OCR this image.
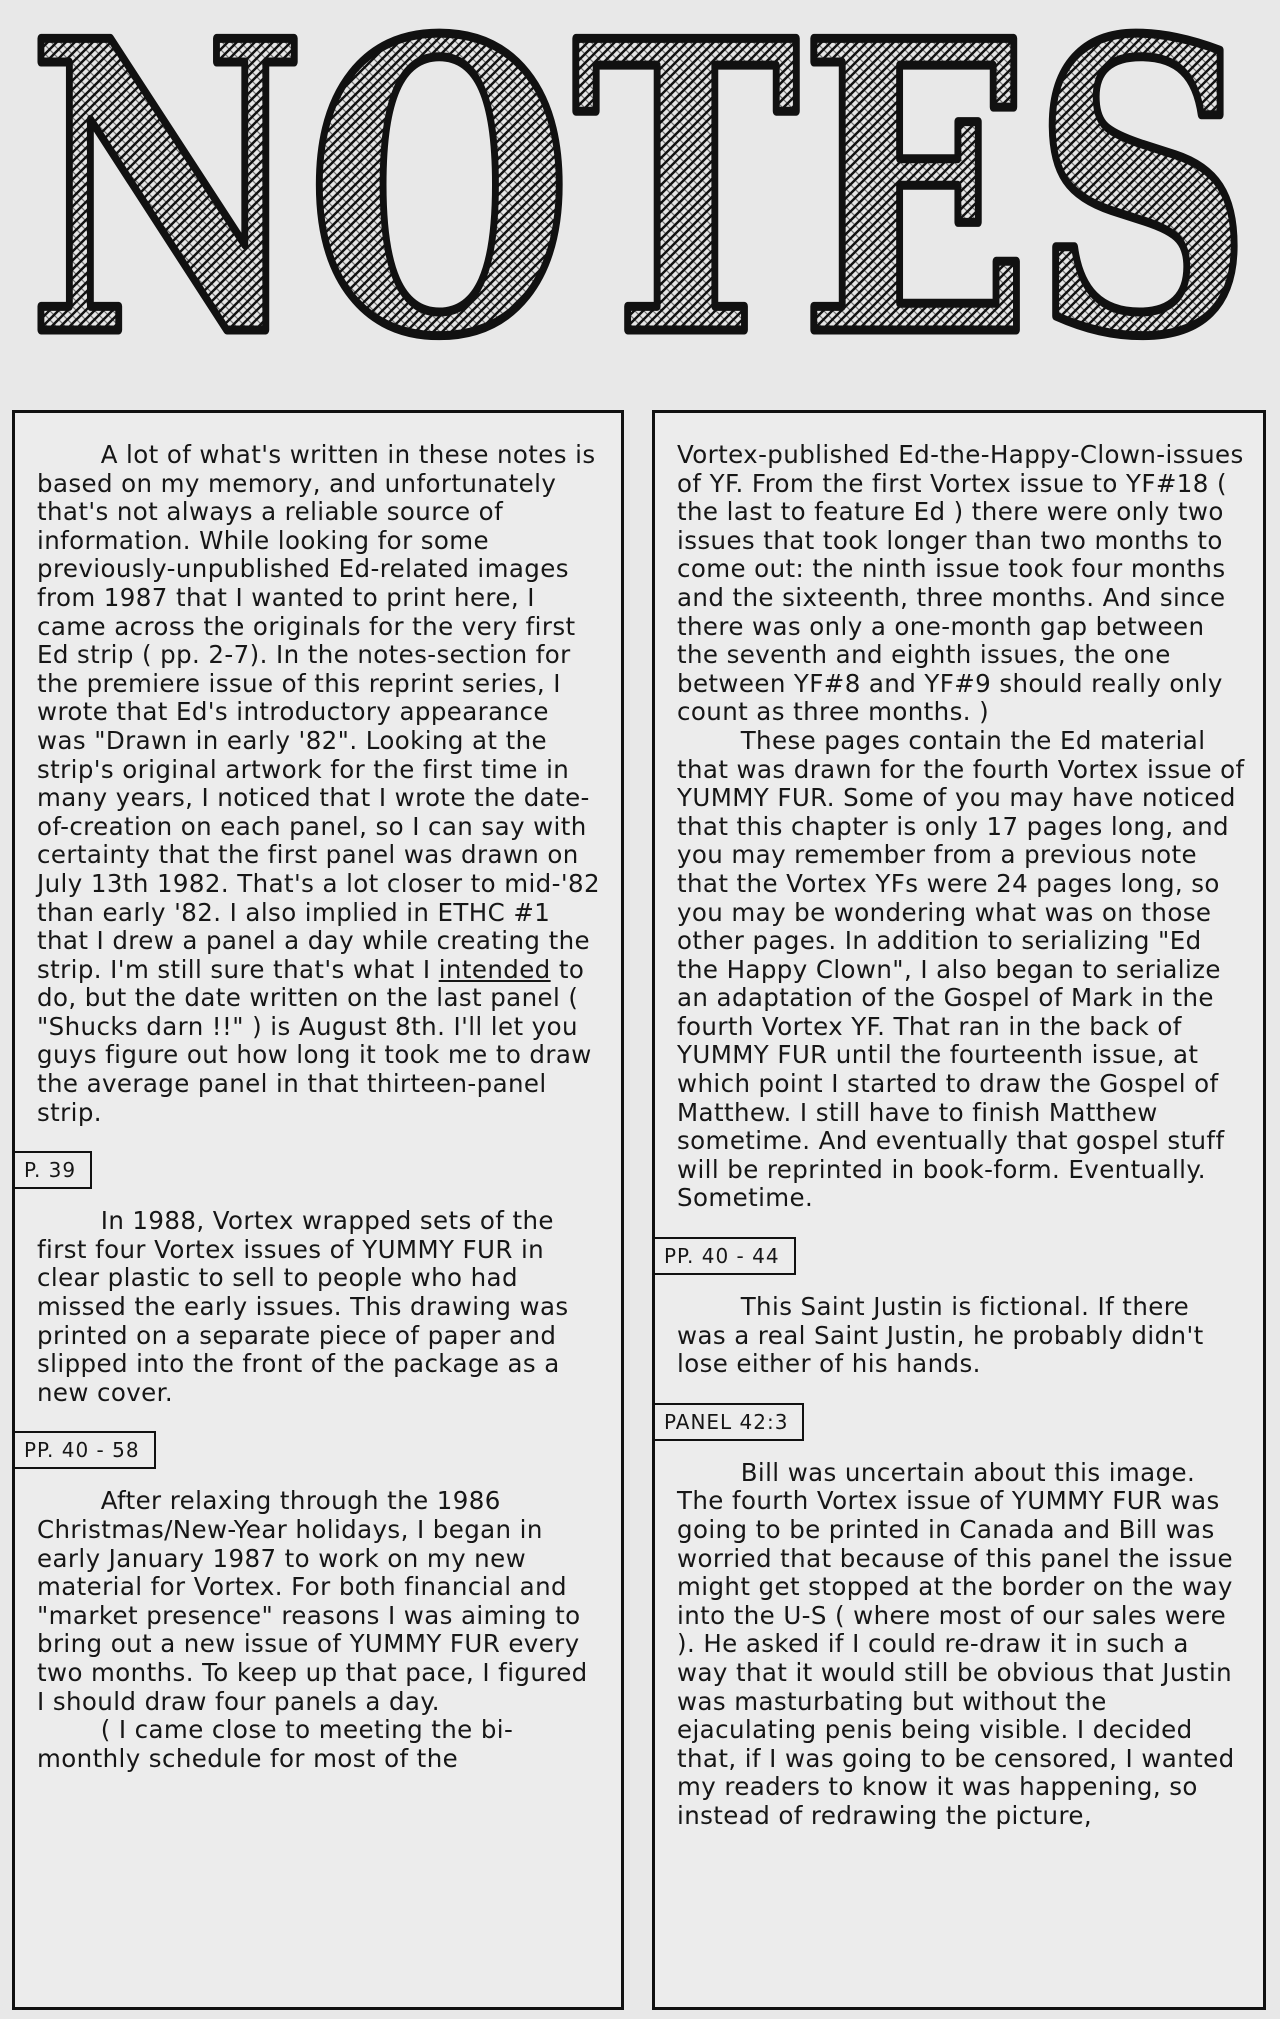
NOTES

A lot of what's written in these notes is based on my memory, and unfortunately that's not always a reliable source of information. While looking for some previously-unpublished Ed-related images from 1987 that I wanted to print here, I came across the originals for the very first Ed strip ( pp. 2-7). In the notes-section for the premiere issue of this reprint series, I wrote that Ed's introductory appearance was "Drawn in early '82". Looking at the strip's original artwork for the first time in many years, I noticed that I wrote the date-of-creation on each panel, so I can say with certainty that the first panel was drawn on July 13th 1982. That's a lot closer to mid-'82 than early '82. I also implied in ETHC #1 that I drew a panel a day while creating the strip. I'm still sure that's what I intended to do, but the date written on the last panel ( "Shucks darn !!" ) is August 8th. I'll let you guys figure out how long it took me to draw the average panel in that thirteen-panel strip.

P. 39

In 1988, Vortex wrapped sets of the first four Vortex issues of YUMMY FUR in clear plastic to sell to people who had missed the early issues. This drawing was printed on a separate piece of paper and slipped into the front of the package as a new cover.

PP. 40 - 58

After relaxing through the 1986 Christmas/New-Year holidays, I began in early January 1987 to work on my new material for Vortex. For both financial and "market presence" reasons I was aiming to bring out a new issue of YUMMY FUR every two months. To keep up that pace, I figured I should draw four panels a day.

( I came close to meeting the bi-monthly schedule for most of the

Vortex-published Ed-the-Happy-Clown-issues of YF. From the first Vortex issue to YF#18 ( the last to feature Ed ) there were only two issues that took longer than two months to come out: the ninth issue took four months and the sixteenth, three months. And since there was only a one-month gap between the seventh and eighth issues, the one between YF#8 and YF#9 should really only count as three months. )

These pages contain the Ed material that was drawn for the fourth Vortex issue of YUMMY FUR. Some of you may have noticed that this chapter is only 17 pages long, and you may remember from a previous note that the Vortex YFs were 24 pages long, so you may be wondering what was on those other pages. In addition to serializing "Ed the Happy Clown", I also began to serialize an adaptation of the Gospel of Mark in the fourth Vortex YF. That ran in the back of YUMMY FUR until the fourteenth issue, at which point I started to draw the Gospel of Matthew. I still have to finish Matthew sometime. And eventually that gospel stuff will be reprinted in book-form. Eventually. Sometime.

PP. 40 - 44

This Saint Justin is fictional. If there was a real Saint Justin, he probably didn't lose either of his hands.

PANEL 42:3

Bill was uncertain about this image. The fourth Vortex issue of YUMMY FUR was going to be printed in Canada and Bill was worried that because of this panel the issue might get stopped at the border on the way into the U-S ( where most of our sales were ). He asked if I could re-draw it in such a way that it would still be obvious that Justin was masturbating but without the ejaculating penis being visible. I decided that, if I was going to be censored, I wanted my readers to know it was happening, so instead of redrawing the picture,
